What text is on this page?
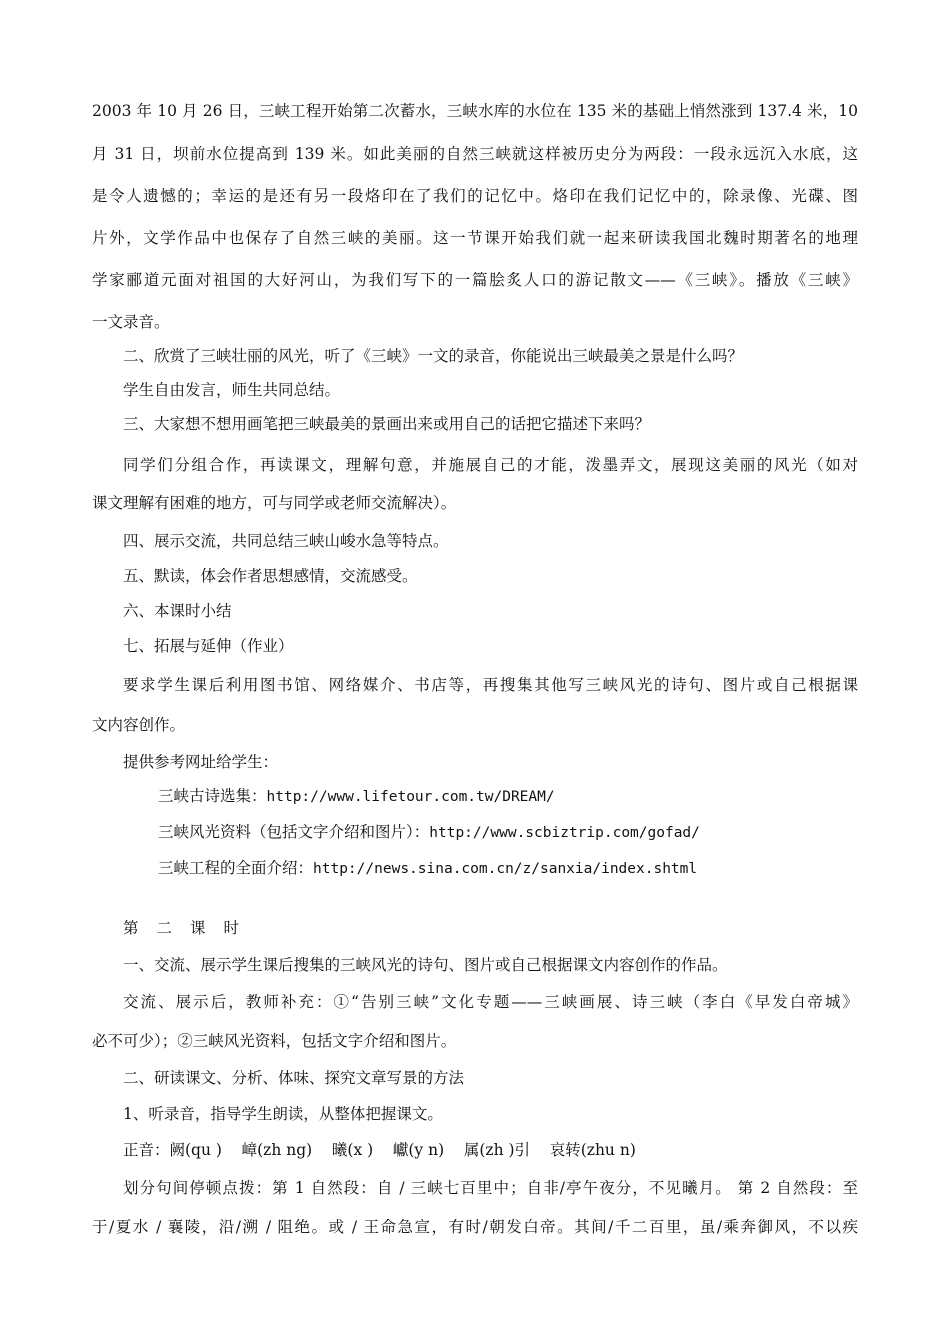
2003 年 10 月 26 日，三峡工程开始第二次蓄水，三峡水库的水位在 135 米的基础上悄然涨到 137.4 米，10
月 31 日，坝前水位提高到 139 米。如此美丽的自然三峡就这样被历史分为两段：一段永远沉入水底，这
是令人遗憾的；幸运的是还有另一段烙印在了我们的记忆中。烙印在我们记忆中的，除录像、光碟、图
片外，文学作品中也保存了自然三峡的美丽。这一节课开始我们就一起来研读我国北魏时期著名的地理
学家郦道元面对祖国的大好河山，为我们写下的一篇脍炙人口的游记散文——《三峡》。播放《三峡》
一文录音。
二、欣赏了三峡壮丽的风光，听了《三峡》一文的录音，你能说出三峡最美之景是什么吗？
学生自由发言，师生共同总结。
三、大家想不想用画笔把三峡最美的景画出来或用自己的话把它描述下来吗？
同学们分组合作，再读课文，理解句意，并施展自己的才能，泼墨弄文，展现这美丽的风光（如对
课文理解有困难的地方，可与同学或老师交流解决）。
四、展示交流，共同总结三峡山峻水急等特点。
五、默读，体会作者思想感情，交流感受。
六、本课时小结
七、拓展与延伸（作业）
要求学生课后利用图书馆、网络媒介、书店等，再搜集其他写三峡风光的诗句、图片或自己根据课
文内容创作。
提供参考网址给学生：
三峡古诗选集：http://www.lifetour.com.tw/DREAM/
三峡风光资料（包括文字介绍和图片）：http://www.scbiztrip.com/gofad/
三峡工程的全面介绍：http://news.sina.com.cn/z/sanxia/index.shtml
第二课时
一、交流、展示学生课后搜集的三峡风光的诗句、图片或自己根据课文内容创作的作品。
交流、展示后，教师补充：①“告别三峡”文化专题——三峡画展、诗三峡（李白《早发白帝城》
必不可少）；②三峡风光资料，包括文字介绍和图片。
二、研读课文、分析、体味、探究文章写景的方法
1、听录音，指导学生朗读，从整体把握课文。
正音：阙(qu )    嶂(zh ng)    曦(x )    巘(y n)    属(zh )引    哀转(zhu n)
划分句间停顿点拨：第 1 自然段：自 / 三峡七百里中；自非/亭午夜分，不见曦月。 第 2 自然段：至
于/夏水 / 襄陵，沿/溯 / 阻绝。或 / 王命急宣，有时/朝发白帝。其间/千二百里，虽/乘奔御风，不以疾
